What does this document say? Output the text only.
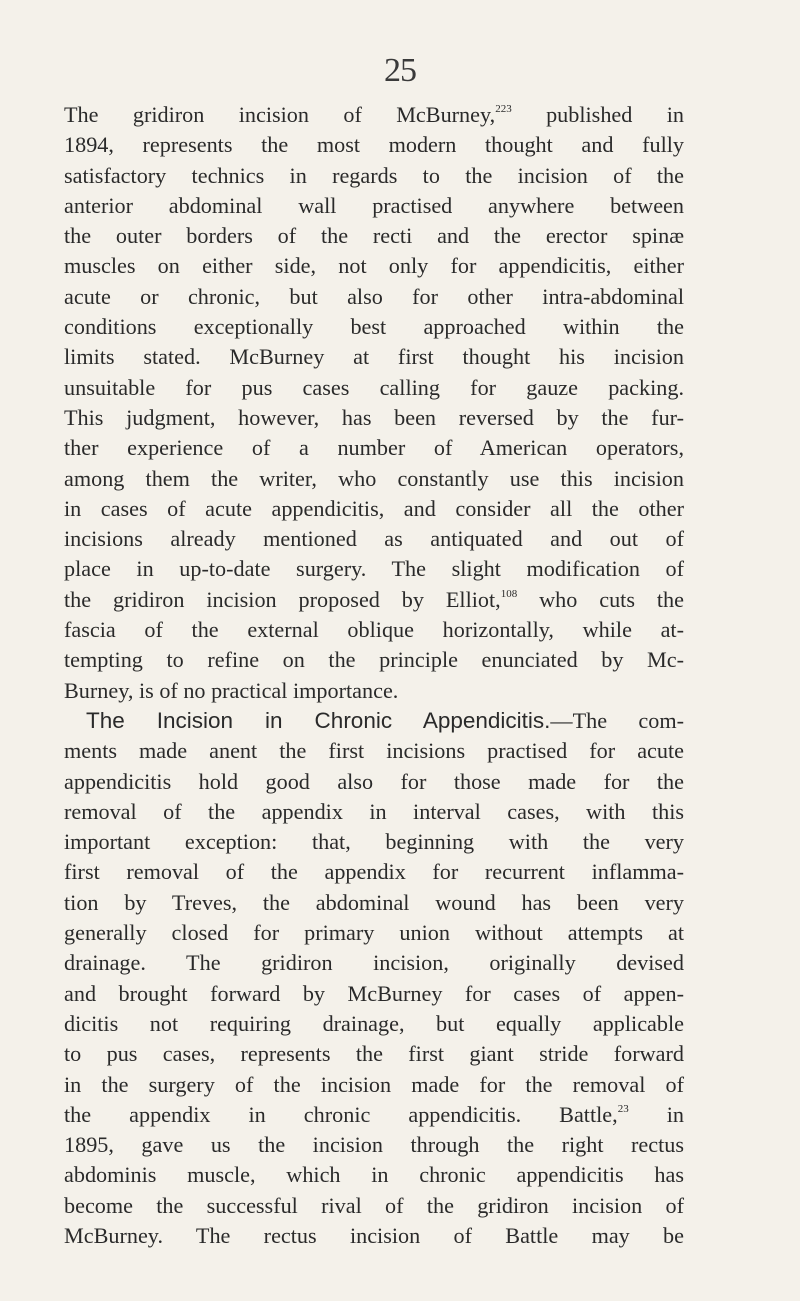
25
The gridiron incision of McBurney,$^{223}$ published in
1894, represents the most modern thought and fully
satisfactory technics in regards to the incision of the
anterior abdominal wall practised anywhere between
the outer borders of the recti and the erector spinæ
muscles on either side, not only for appendicitis, either
acute or chronic, but also for other intra-abdominal
conditions exceptionally best approached within the
limits stated. McBurney at first thought his incision
unsuitable for pus cases calling for gauze packing.
This judgment, however, has been reversed by the fur-
ther experience of a number of American operators,
among them the writer, who constantly use this incision
in cases of acute appendicitis, and consider all the other
incisions already mentioned as antiquated and out of
place in up-to-date surgery. The slight modification of
the gridiron incision proposed by Elliot,$^{108}$ who cuts the
fascia of the external oblique horizontally, while at-
tempting to refine on the principle enunciated by Mc-
Burney, is of no practical importance.
The Incision in Chronic Appendicitis.—The com-
ments made anent the first incisions practised for acute
appendicitis hold good also for those made for the
removal of the appendix in interval cases, with this
important exception: that, beginning with the very
first removal of the appendix for recurrent inflamma-
tion by Treves, the abdominal wound has been very
generally closed for primary union without attempts at
drainage. The gridiron incision, originally devised
and brought forward by McBurney for cases of appen-
dicitis not requiring drainage, but equally applicable
to pus cases, represents the first giant stride forward
in the surgery of the incision made for the removal of
the appendix in chronic appendicitis. Battle,$^{23}$ in
1895, gave us the incision through the right rectus
abdominis muscle, which in chronic appendicitis has
become the successful rival of the gridiron incision of
McBurney. The rectus incision of Battle may be
